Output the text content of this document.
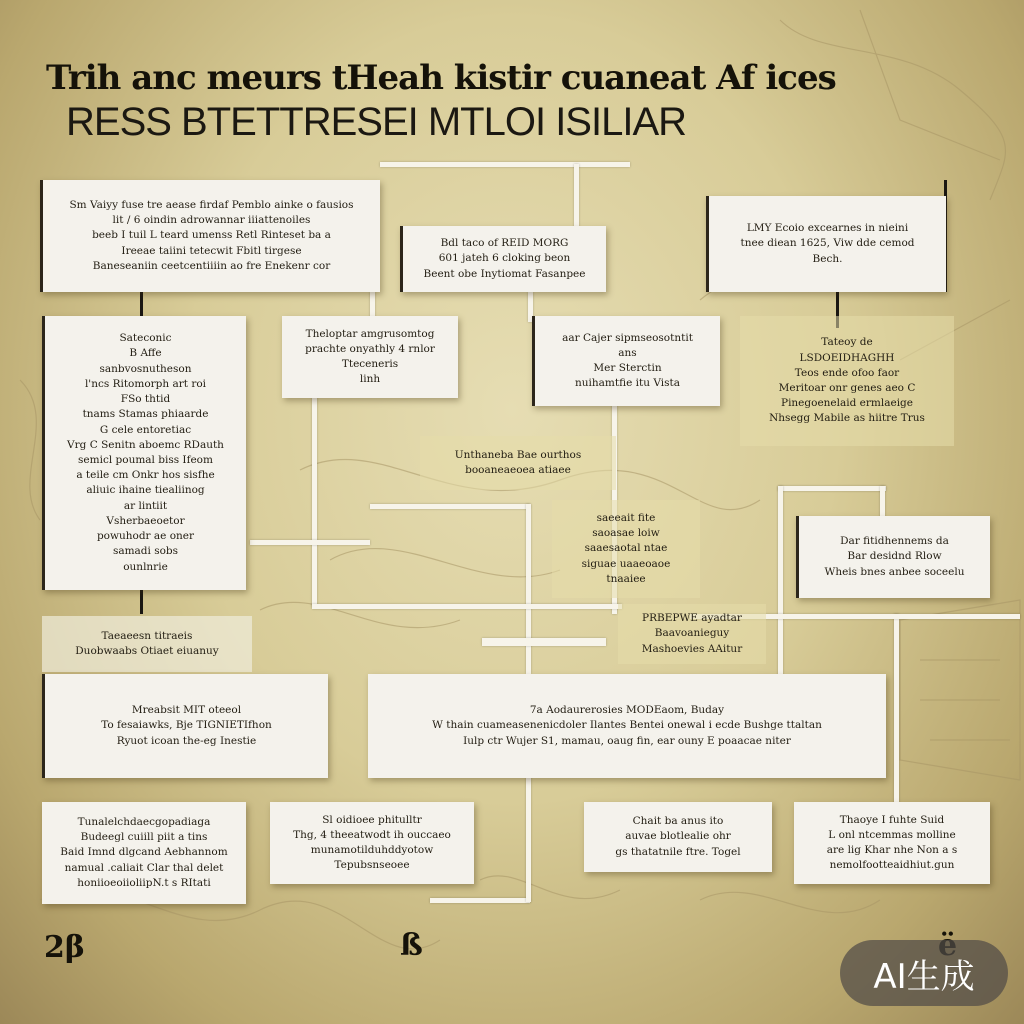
Trih anc meurs tHeah kistir cuaneat Af ices
RESS BTETTRESEI MTLOI ISILIAR
Sm Vaiyy fuse tre aease firdaf Pemblo ainke o fausios
lit / 6 oindin adrowannar iiiattenoiles
beeb I tuil L teard umenss Retl Rinteset ba a
Ireeae taiini tetecwit Fbitl tirgese
Baneseaniin ceetcentiiiin ao fre Enekenr cor
Bdl taco of REID MORG
601 jateh 6 cloking beon
Beent obe Inytiomat Fasanpee
LMY Ecoio excearnes in nieini
tnee diean 1625, Viw dde cemod
Bech.
Sateconic
B Affe
sanbvosnutheson
l'ncs Ritomorph art roi
FSo thtid
tnams Stamas phiaarde
G cele entoretiac
Vrg C Senitn aboemc RDauth
semicl poumal biss Ifeom
a teile cm Onkr hos sisfhe
aliuic ihaine tiealiinog
ar lintiit
Vsherbaeoetor
powuhodr ae oner
samadi sobs
ounlnrie
Theloptar amgrusomtog
prachte onyathly 4 rnlor
Tteceneris
linh
aar Cajer sipmseosotntit
ans
Mer Sterctin
nuihamtfie itu Vista
Tateoy de
LSDOEIDHAGHH
Teos ende ofoo faor
Meritoar onr genes aeo C
Pinegoenelaid ermlaeige
Nhsegg Mabile as hiitre Trus
Unthaneba Bae ourthos
booaneaeoea atiaee
saeeait fite
saoasae loiw
saaesaotal ntae
siguae uaaeoaoe
tnaaiee
Dar fitidhennems da
Bar desidnd Rlow
Wheis bnes anbee soceelu
Taeaeesn titraeis
Duobwaabs Otiaet eiuanuy
PRBEPWE ayadtar
Baavoanieguy
Mashoevies AAitur
Mreabsit MIT oteeol
To fesaiawks, Bje TIGNIETIfhon
Ryuot icoan the-eg Inestie
7a Aodaurerosies MODEaom, Buday
W thain cuameasenenicdoler Ilantes Bentei onewal i ecde Bushge ttaltan
Iulp ctr Wujer S1, mamau, oaug fin, ear ouny E poaacae niter
Tunalelchdaecgopadiaga
Budeegl cuiill piit a tins
Baid Imnd dlgcand Aebhannom
namual .caliait Clar thal delet
honiioeoiioliipN.t s RItati
Sl oidioee phitulltr
Thg, 4 theeatwodt ih ouccaeo
munamotilduhddyotow
Tepubsnseoee
Chait ba anus ito
auvae blotlealie ohr
gs thatatnile ftre. Togel
Thaoye I fuhte Suid
L onl ntcemmas molline
are lig Khar nhe Non a s
nemolfootteaidhiut.gun
2β	ß
AI生成
